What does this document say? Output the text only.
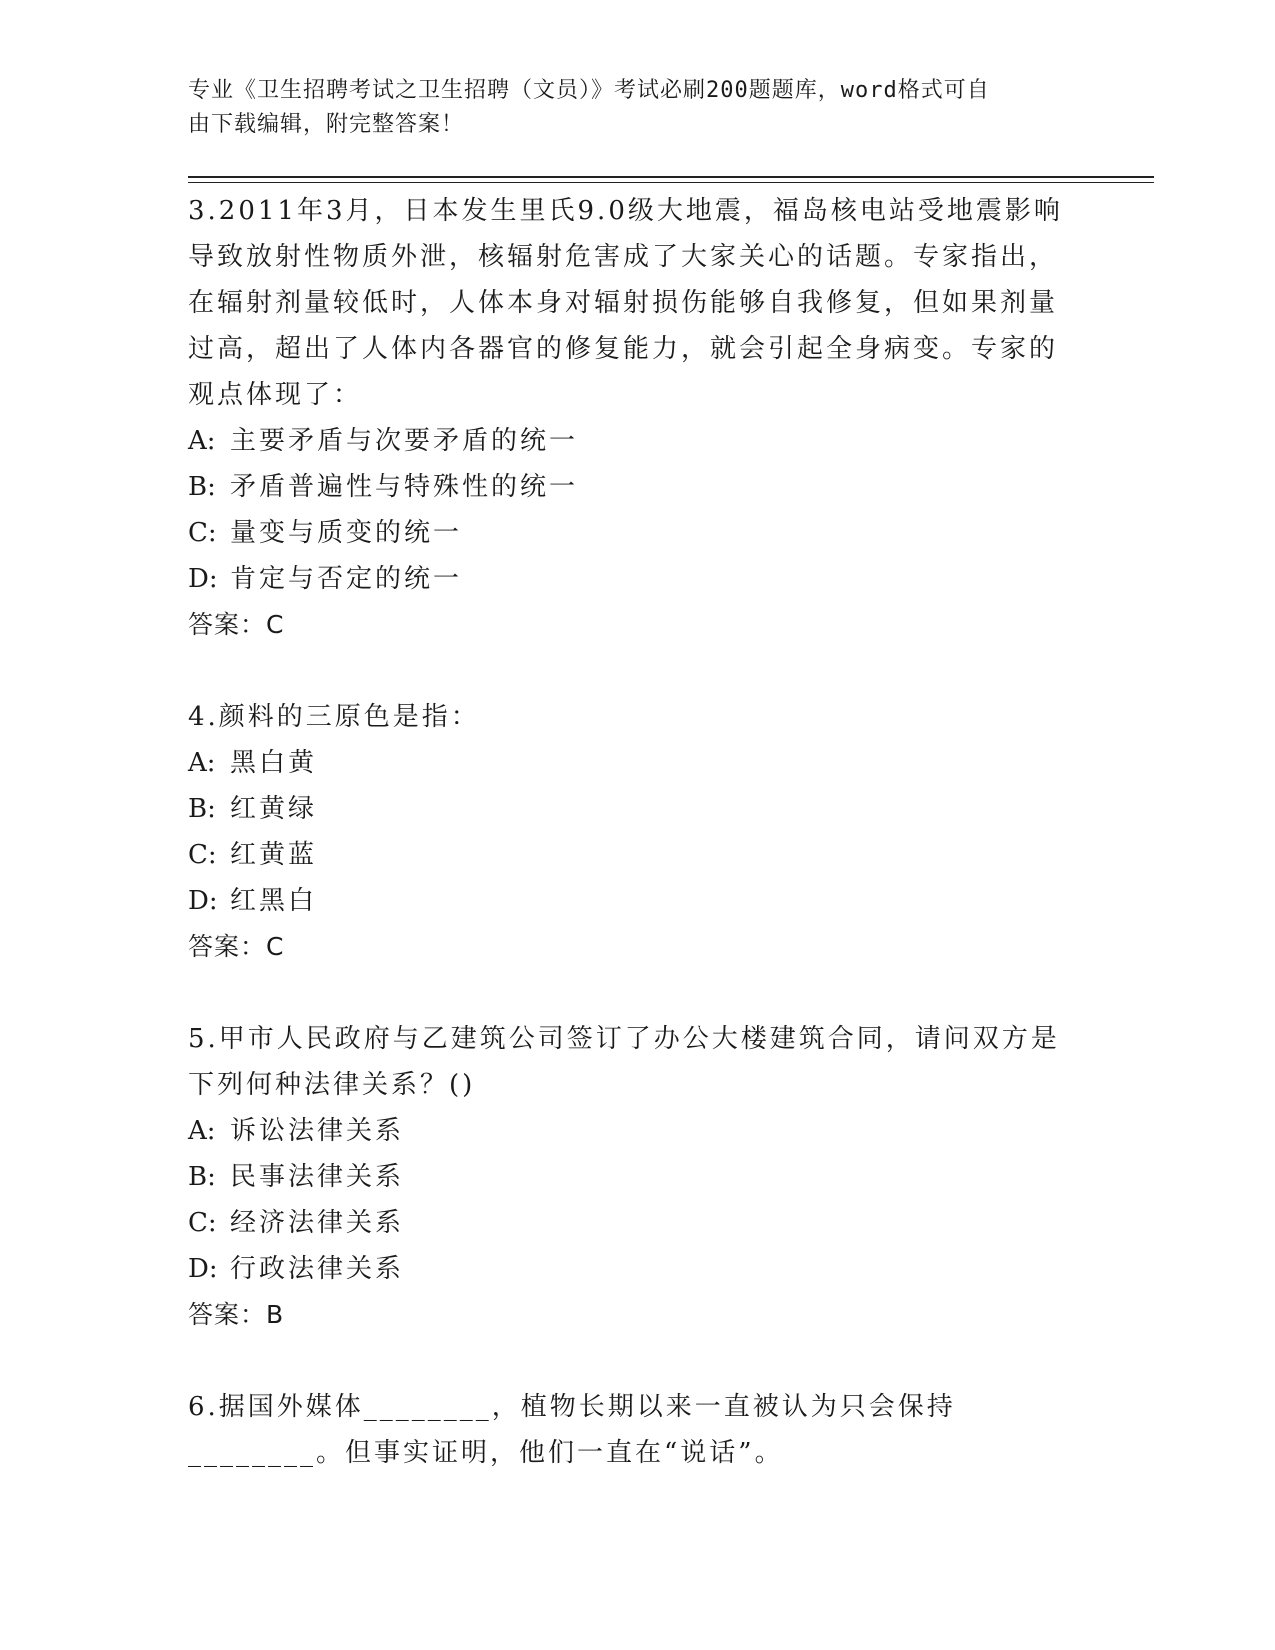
专业《卫生招聘考试之卫生招聘（文员）》考试必刷200题题库，word格式可自
由下载编辑，附完整答案！

3.2011年3月，日本发生里氏9.0级大地震，福岛核电站受地震影响导致放射性物质外泄，核辐射危害成了大家关心的话题。专家指出，在辐射剂量较低时，人体本身对辐射损伤能够自我修复，但如果剂量过高，超出了人体内各器官的修复能力，就会引起全身病变。专家的观点体现了：

A: 主要矛盾与次要矛盾的统一

B: 矛盾普遍性与特殊性的统一

C: 量变与质变的统一

D: 肯定与否定的统一

答案：C

4.颜料的三原色是指：

A: 黑白黄

B: 红黄绿

C: 红黄蓝

D: 红黑白

答案：C

5.甲市人民政府与乙建筑公司签订了办公大楼建筑合同，请问双方是下列何种法律关系？()

A: 诉讼法律关系

B: 民事法律关系

C: 经济法律关系

D: 行政法律关系

答案：B

6.据国外媒体________，植物长期以来一直被认为只会保持________。但事实证明，他们一直在“说话”。
